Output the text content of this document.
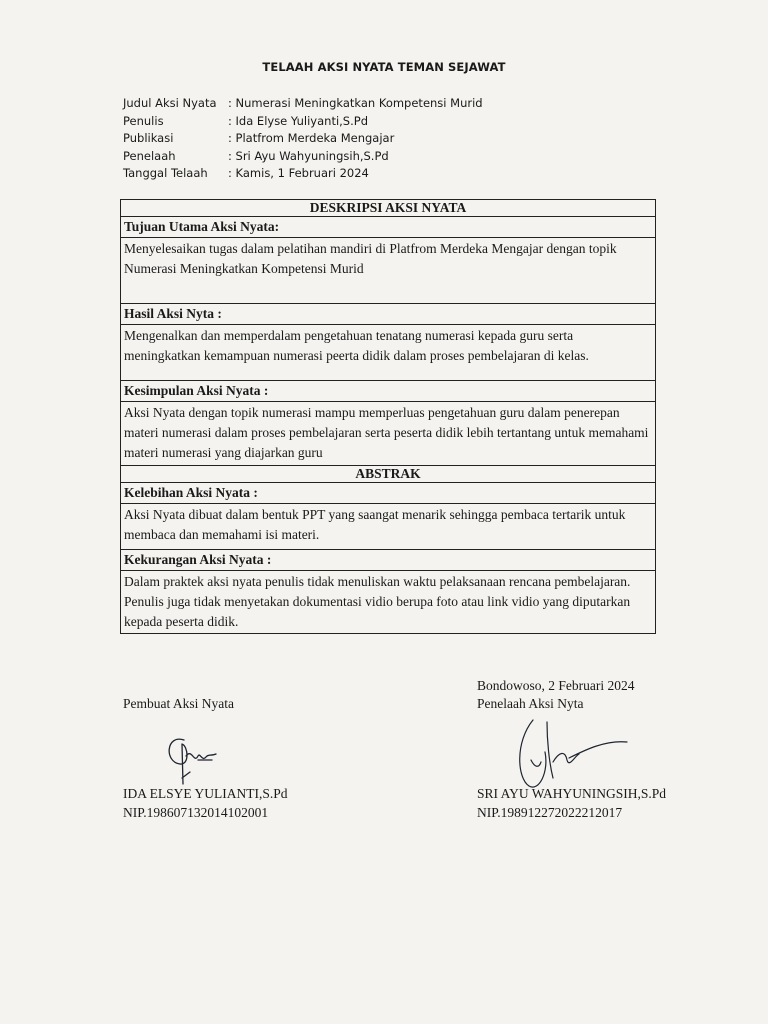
TELAAH AKSI NYATA TEMAN SEJAWAT
Judul Aksi Nyata	: Numerasi Meningkatkan Kompetensi Murid
Penulis	: Ida Elyse Yuliyanti,S.Pd
Publikasi	: Platfrom Merdeka Mengajar
Penelaah	: Sri Ayu Wahyuningsih,S.Pd
Tanggal Telaah	: Kamis, 1 Februari 2024
DESKRIPSI AKSI NYATA
Tujuan Utama Aksi Nyata:
Menyelesaikan tugas dalam pelatihan mandiri di Platfrom Merdeka Mengajar dengan topik Numerasi Meningkatkan Kompetensi Murid
Hasil Aksi Nyta :
Mengenalkan dan memperdalam pengetahuan tenatang numerasi kepada guru serta meningkatkan kemampuan numerasi peerta didik dalam proses pembelajaran di kelas.
Kesimpulan Aksi Nyata :
Aksi Nyata dengan topik numerasi mampu memperluas pengetahuan guru dalam penerepan materi numerasi dalam proses pembelajaran serta peserta didik lebih tertantang untuk memahami materi numerasi yang diajarkan guru
ABSTRAK
Kelebihan Aksi Nyata :
Aksi Nyata dibuat dalam bentuk PPT yang saangat menarik sehingga pembaca tertarik untuk membaca dan memahami isi materi.
Kekurangan Aksi Nyata :
Dalam praktek aksi nyata penulis tidak menuliskan waktu pelaksanaan rencana pembelajaran. Penulis juga tidak menyetakan dokumentasi vidio berupa foto atau link vidio yang diputarkan kepada peserta didik.
Bondowoso, 2 Februari 2024
Pembuat Aksi Nyata	Penelaah Aksi Nyta
IDA ELSYE YULIANTI,S.Pd
NIP.198607132014102001
SRI AYU WAHYUNINGSIH,S.Pd
NIP.198912272022212017
